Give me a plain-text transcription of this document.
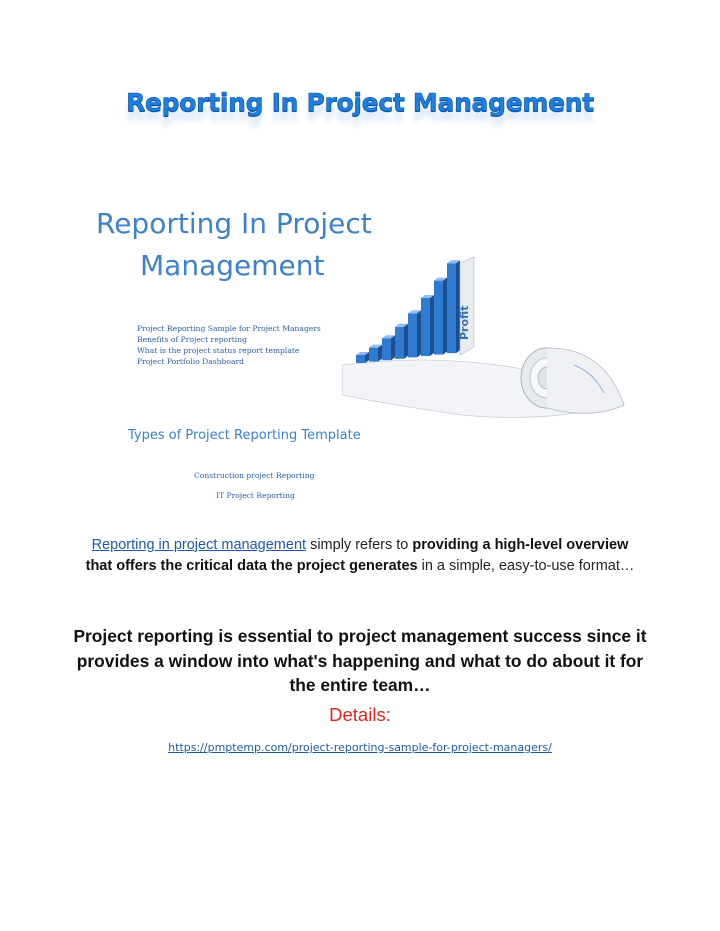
Reporting In Project Management
Reporting In Project
Management
Project Reporting Sample for Project Managers
Benefits of Project reporting
What is the project status report template
Project Portfolio Dashboard
Types of Project Reporting Template
Construction project Reporting
IT Project Reporting
Profit
Reporting in project management simply refers to providing a high-level overview that offers the critical data the project generates in a simple, easy-to-use format…
Project reporting is essential to project management success since it provides a window into what's happening and what to do about it for the entire team…
Details:
https://pmptemp.com/project-reporting-sample-for-project-managers/
